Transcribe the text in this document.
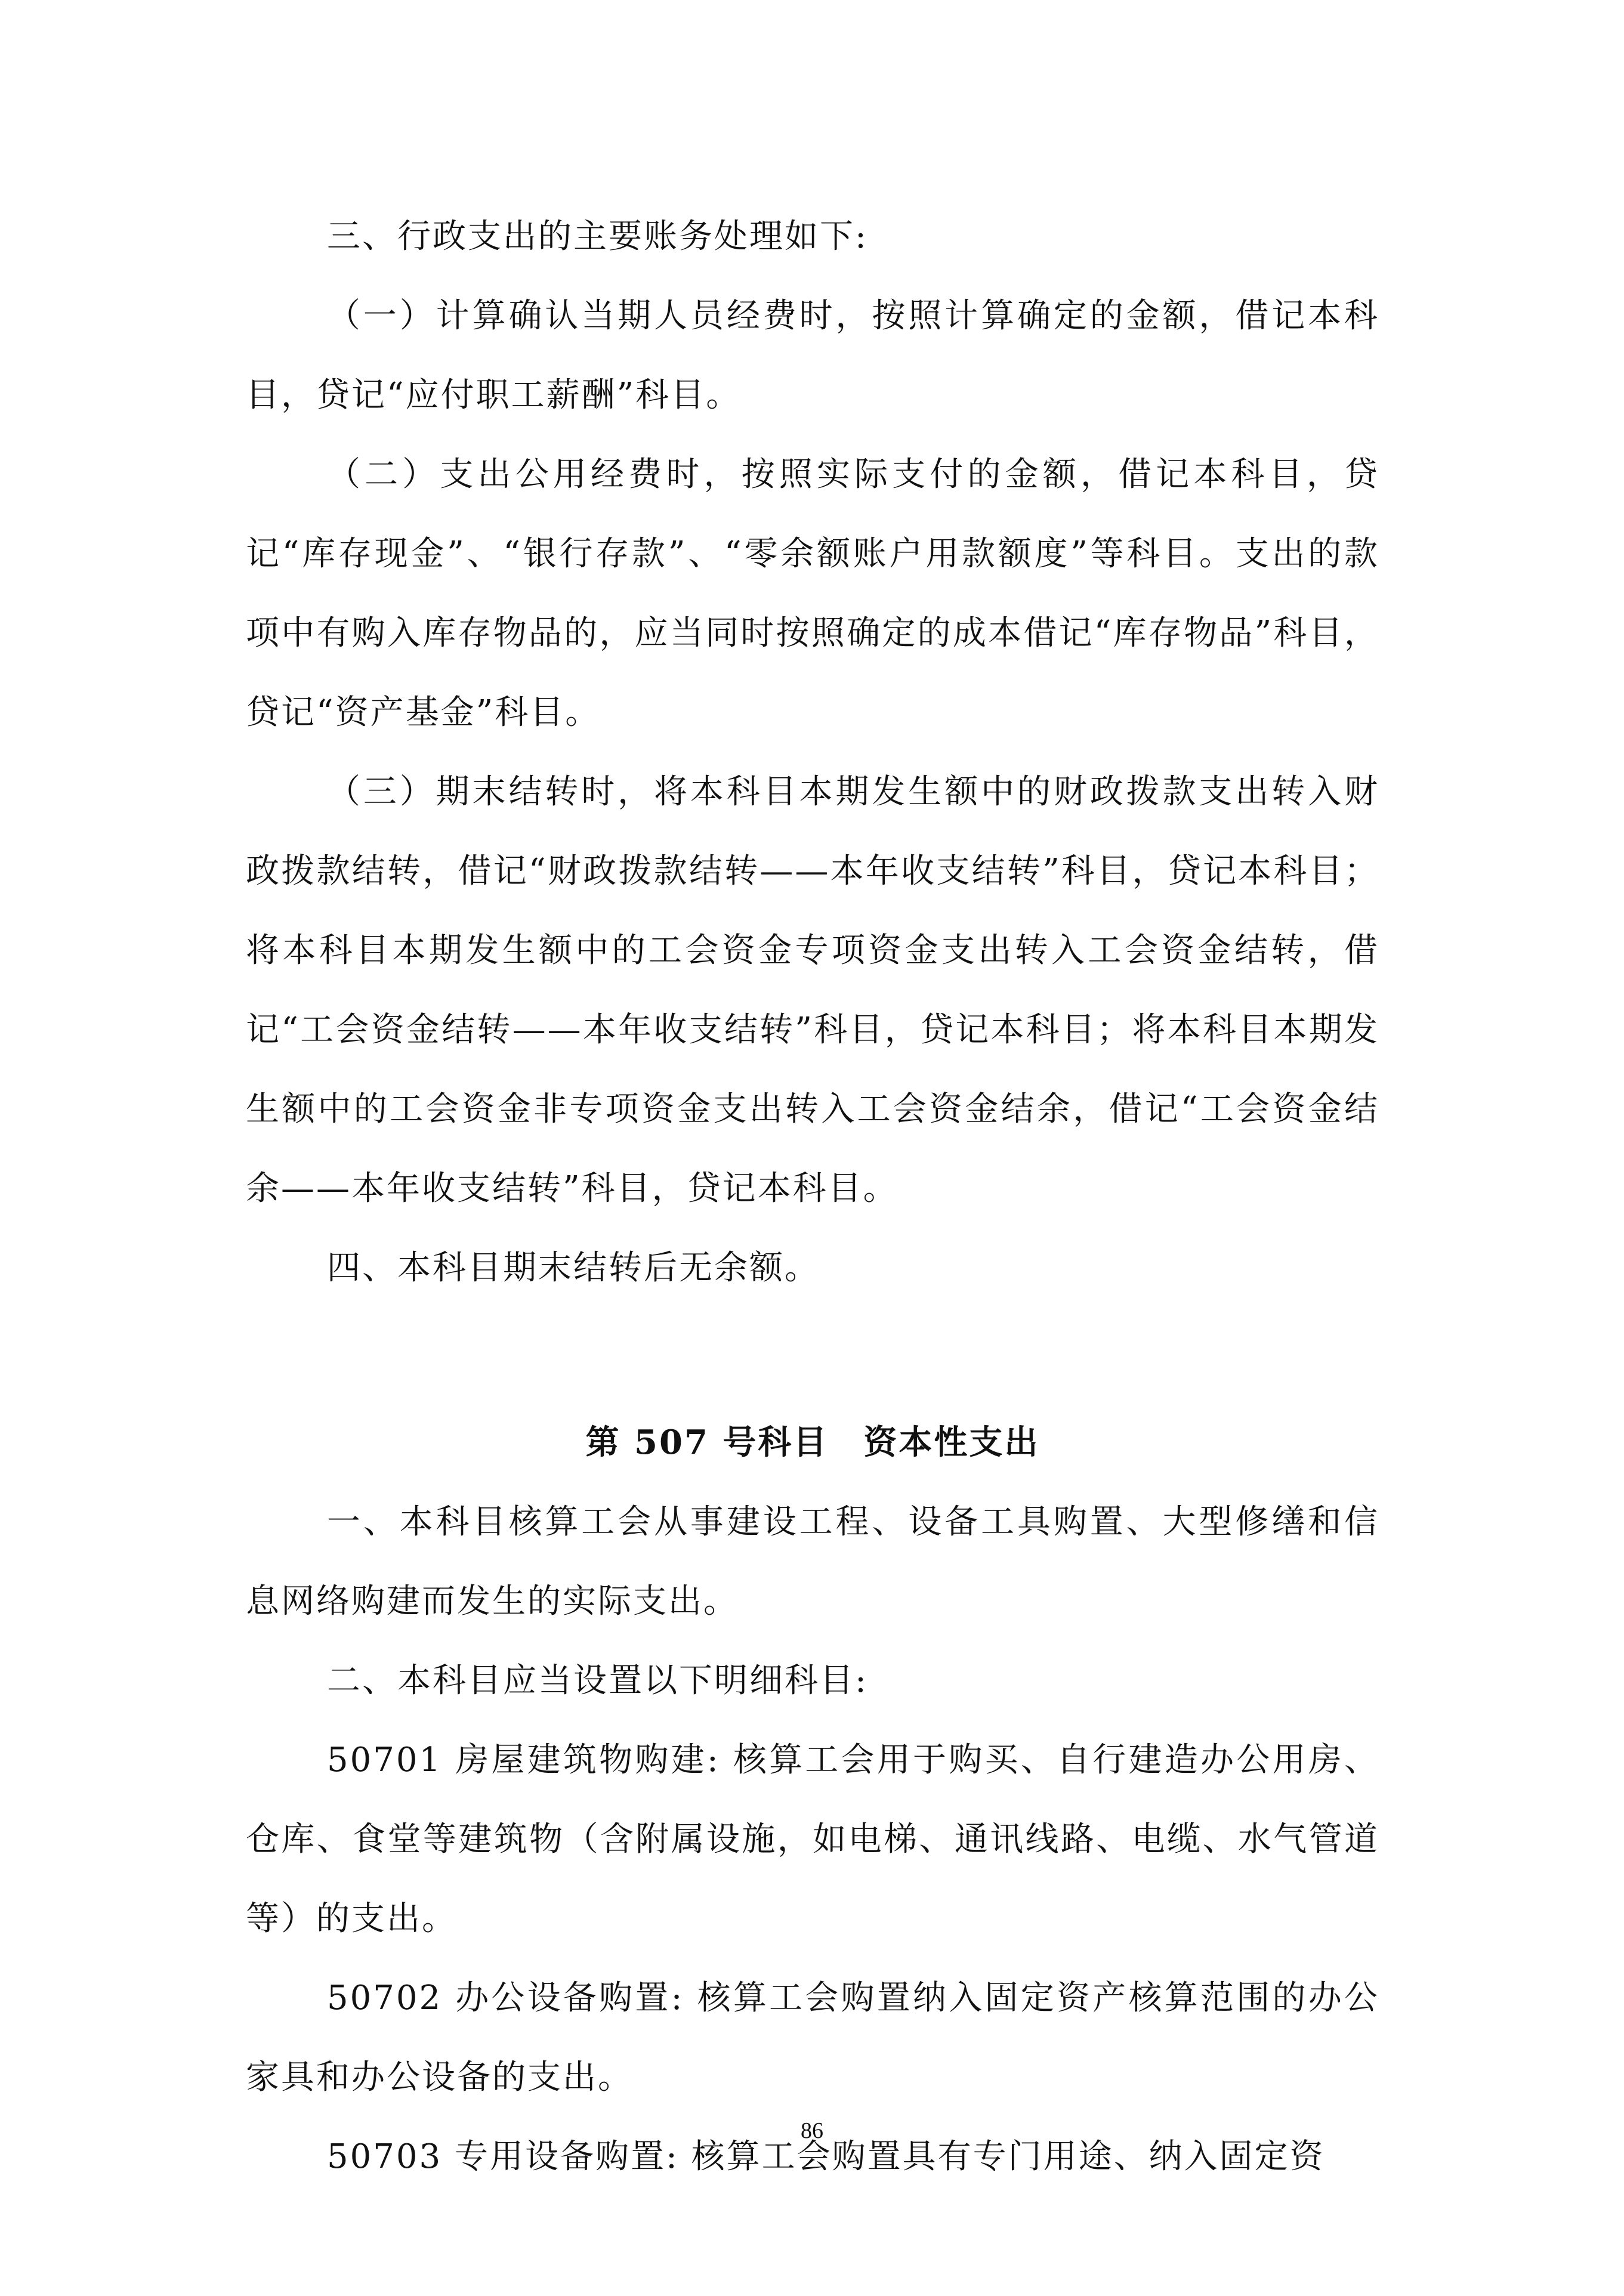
三、行政支出的主要账务处理如下:

（一）计算确认当期人员经费时，按照计算确定的金额，借记本科目，贷记“应付职工薪酬”科目。

（二）支出公用经费时，按照实际支付的金额，借记本科目，贷记“库存现金”、“银行存款”、“零余额账户用款额度”等科目。支出的款项中有购入库存物品的，应当同时按照确定的成本借记“库存物品”科目，贷记“资产基金”科目。

（三）期末结转时，将本科目本期发生额中的财政拨款支出转入财政拨款结转，借记“财政拨款结转——本年收支结转”科目，贷记本科目；将本科目本期发生额中的工会资金专项资金支出转入工会资金结转，借记“工会资金结转——本年收支结转”科目，贷记本科目；将本科目本期发生额中的工会资金非专项资金支出转入工会资金结余，借记“工会资金结余——本年收支结转”科目，贷记本科目。

四、本科目期末结转后无余额。

第 507 号科目　资本性支出

一、本科目核算工会从事建设工程、设备工具购置、大型修缮和信息网络购建而发生的实际支出。

二、本科目应当设置以下明细科目:

50701 房屋建筑物购建: 核算工会用于购买、自行建造办公用房、仓库、食堂等建筑物（含附属设施，如电梯、通讯线路、电缆、水气管道等）的支出。

50702 办公设备购置: 核算工会购置纳入固定资产核算范围的办公家具和办公设备的支出。

50703 专用设备购置: 核算工会购置具有专门用途、纳入固定资

86
